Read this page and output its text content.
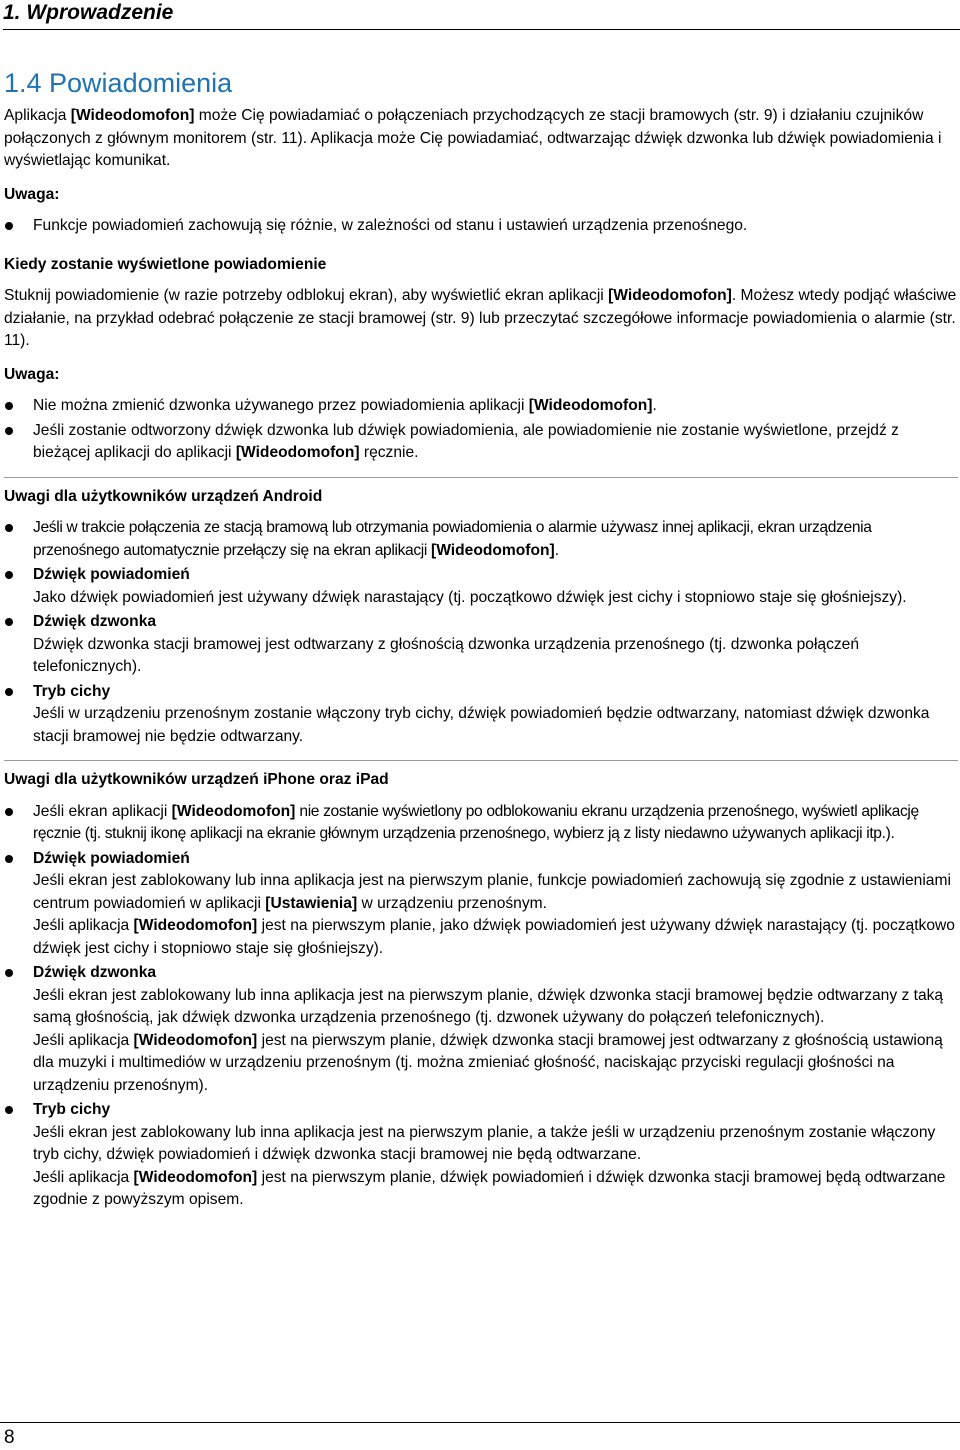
1. Wprowadzenie
1.4 Powiadomienia

Aplikacja [Wideodomofon] może Cię powiadamiać o połączeniach przychodzących ze stacji bramowych (str. 9) i działaniu czujników połączonych z głównym monitorem (str. 11). Aplikacja może Cię powiadamiać, odtwarzając dźwięk dzwonka lub dźwięk powiadomienia i wyświetlając komunikat.

Uwaga:
Funkcje powiadomień zachowują się różnie, w zależności od stanu i ustawień urządzenia przenośnego.
Kiedy zostanie wyświetlone powiadomienie

Stuknij powiadomienie (w razie potrzeby odblokuj ekran), aby wyświetlić ekran aplikacji [Wideodomofon]. Możesz wtedy podjąć właściwe działanie, na przykład odebrać połączenie ze stacji bramowej (str. 9) lub przeczytać szczegółowe informacje powiadomienia o alarmie (str. 11).

Uwaga:
Nie można zmienić dzwonka używanego przez powiadomienia aplikacji [Wideodomofon].
Jeśli zostanie odtworzony dźwięk dzwonka lub dźwięk powiadomienia, ale powiadomienie nie zostanie wyświetlone, przejdź z bieżącej aplikacji do aplikacji [Wideodomofon] ręcznie.
Uwagi dla użytkowników urządzeń Android
Jeśli w trakcie połączenia ze stacją bramową lub otrzymania powiadomienia o alarmie używasz innej aplikacji, ekran urządzenia przenośnego automatycznie przełączy się na ekran aplikacji [Wideodomofon].
Dźwięk powiadomień
Jako dźwięk powiadomień jest używany dźwięk narastający (tj. początkowo dźwięk jest cichy i stopniowo staje się głośniejszy).
Dźwięk dzwonka
Dźwięk dzwonka stacji bramowej jest odtwarzany z głośnością dzwonka urządzenia przenośnego (tj. dzwonka połączeń telefonicznych).
Tryb cichy
Jeśli w urządzeniu przenośnym zostanie włączony tryb cichy, dźwięk powiadomień będzie odtwarzany, natomiast dźwięk dzwonka stacji bramowej nie będzie odtwarzany.
Uwagi dla użytkowników urządzeń iPhone oraz iPad
Jeśli ekran aplikacji [Wideodomofon] nie zostanie wyświetlony po odblokowaniu ekranu urządzenia przenośnego, wyświetl aplikację ręcznie (tj. stuknij ikonę aplikacji na ekranie głównym urządzenia przenośnego, wybierz ją z listy niedawno używanych aplikacji itp.).
Dźwięk powiadomień
Jeśli ekran jest zablokowany lub inna aplikacja jest na pierwszym planie, funkcje powiadomień zachowują się zgodnie z ustawieniami centrum powiadomień w aplikacji [Ustawienia] w urządzeniu przenośnym.
Jeśli aplikacja [Wideodomofon] jest na pierwszym planie, jako dźwięk powiadomień jest używany dźwięk narastający (tj. początkowo dźwięk jest cichy i stopniowo staje się głośniejszy).
Dźwięk dzwonka
Jeśli ekran jest zablokowany lub inna aplikacja jest na pierwszym planie, dźwięk dzwonka stacji bramowej będzie odtwarzany z taką samą głośnością, jak dźwięk dzwonka urządzenia przenośnego (tj. dzwonek używany do połączeń telefonicznych).
Jeśli aplikacja [Wideodomofon] jest na pierwszym planie, dźwięk dzwonka stacji bramowej jest odtwarzany z głośnością ustawioną dla muzyki i multimediów w urządzeniu przenośnym (tj. można zmieniać głośność, naciskając przyciski regulacji głośności na urządzeniu przenośnym).
Tryb cichy
Jeśli ekran jest zablokowany lub inna aplikacja jest na pierwszym planie, a także jeśli w urządzeniu przenośnym zostanie włączony tryb cichy, dźwięk powiadomień i dźwięk dzwonka stacji bramowej nie będą odtwarzane.
Jeśli aplikacja [Wideodomofon] jest na pierwszym planie, dźwięk powiadomień i dźwięk dzwonka stacji bramowej będą odtwarzane zgodnie z powyższym opisem.
8
